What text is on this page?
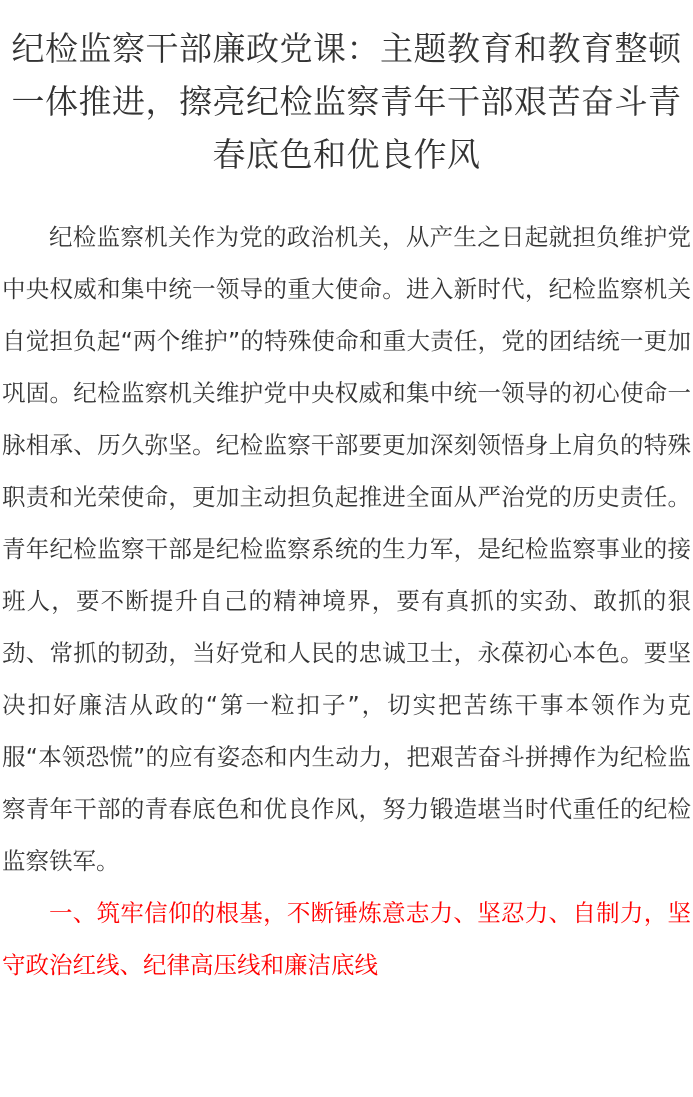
纪检监察干部廉政党课：主题教育和教育整顿一体推进，擦亮纪检监察青年干部艰苦奋斗青春底色和优良作风

纪检监察机关作为党的政治机关，从产生之日起就担负维护党中央权威和集中统一领导的重大使命。进入新时代，纪检监察机关自觉担负起“两个维护”的特殊使命和重大责任，党的团结统一更加巩固。纪检监察机关维护党中央权威和集中统一领导的初心使命一脉相承、历久弥坚。纪检监察干部要更加深刻领悟身上肩负的特殊职责和光荣使命，更加主动担负起推进全面从严治党的历史责任。青年纪检监察干部是纪检监察系统的生力军，是纪检监察事业的接班人，要不断提升自己的精神境界，要有真抓的实劲、敢抓的狠劲、常抓的韧劲，当好党和人民的忠诚卫士，永葆初心本色。要坚决扣好廉洁从政的“第一粒扣子”，切实把苦练干事本领作为克服“本领恐慌”的应有姿态和内生动力，把艰苦奋斗拼搏作为纪检监察青年干部的青春底色和优良作风，努力锻造堪当时代重任的纪检监察铁军。

一、筑牢信仰的根基，不断锤炼意志力、坚忍力、自制力，坚守政治红线、纪律高压线和廉洁底线
